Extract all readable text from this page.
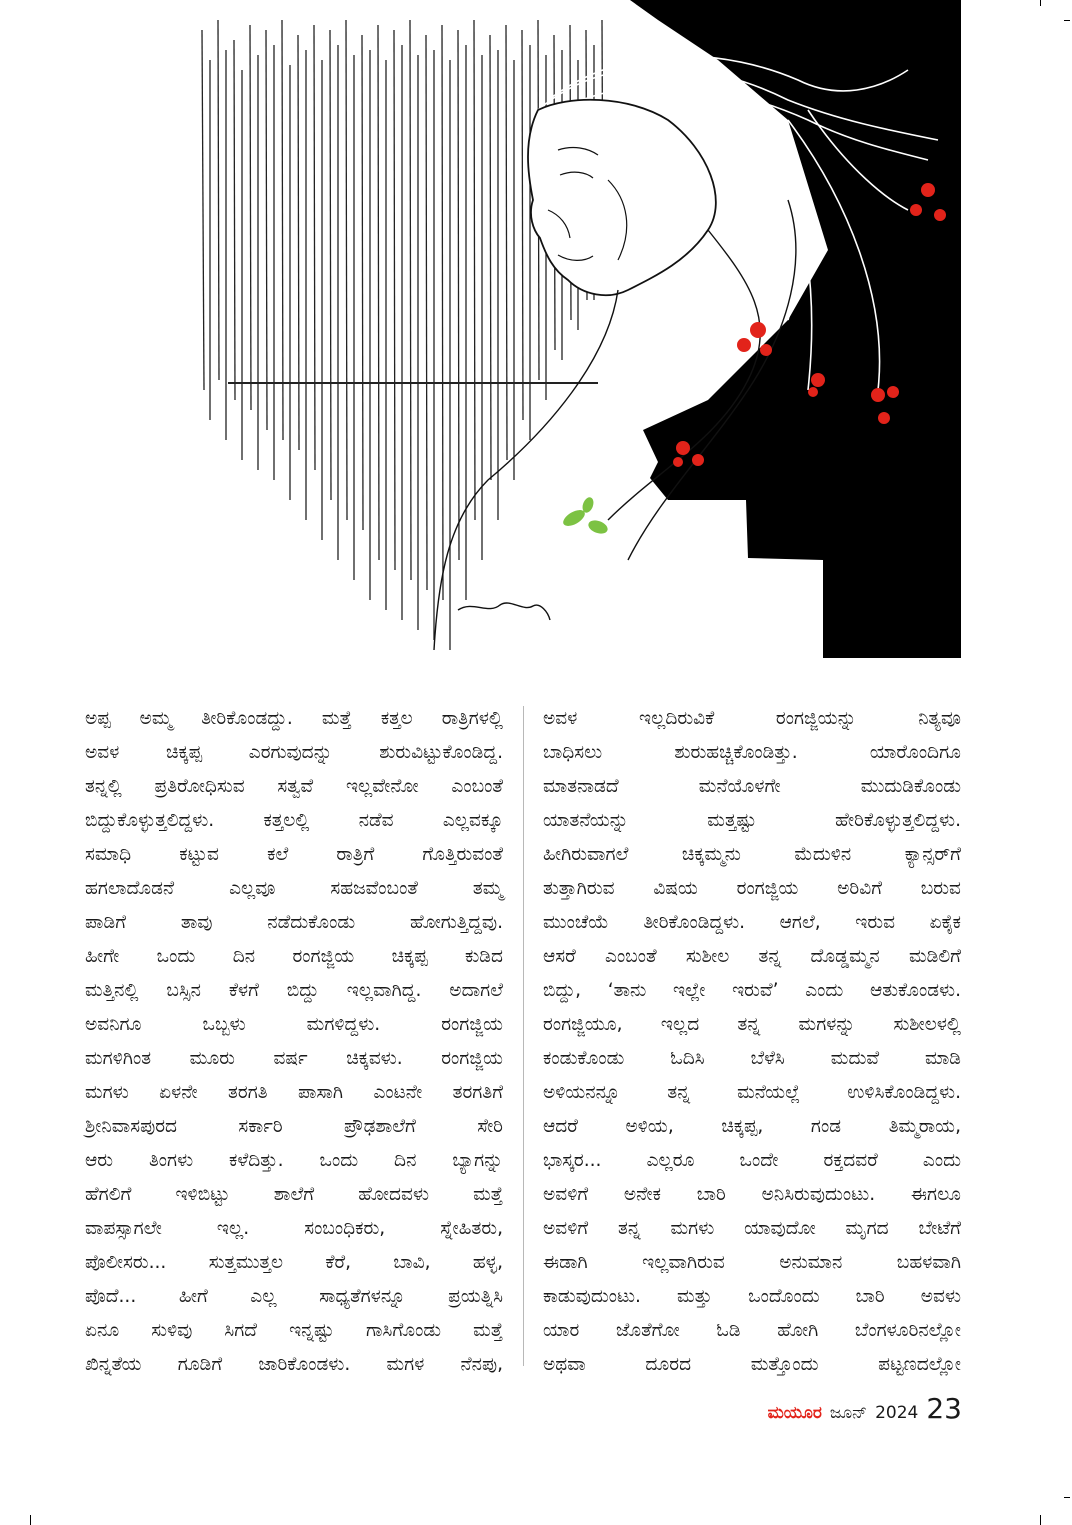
ಅಪ್ಪ ಅಮ್ಮ ತೀರಿಕೊಂಡದ್ದು. ಮತ್ತೆ ಕತ್ತಲ ರಾತ್ರಿಗಳಲ್ಲಿ
ಅವಳ ಚಿಕ್ಕಪ್ಪ ಎರಗುವುದನ್ನು ಶುರುವಿಟ್ಟುಕೊಂಡಿದ್ದ.
ತನ್ನಲ್ಲಿ ಪ್ರತಿರೋಧಿಸುವ ಸತ್ವವೆ ಇಲ್ಲವೇನೋ ಎಂಬಂತೆ
ಬಿದ್ದುಕೊಳ್ಳುತ್ತಲಿದ್ದಳು. ಕತ್ತಲಲ್ಲಿ ನಡೆವ ಎಲ್ಲವಕ್ಕೂ
ಸಮಾಧಿ ಕಟ್ಟುವ ಕಲೆ ರಾತ್ರಿಗೆ ಗೊತ್ತಿರುವಂತೆ
ಹಗಲಾದೊಡನೆ ಎಲ್ಲವೂ ಸಹಜವೆಂಬಂತೆ ತಮ್ಮ
ಪಾಡಿಗೆ ತಾವು ನಡೆದುಕೊಂಡು ಹೋಗುತ್ತಿದ್ದವು.
ಹೀಗೇ ಒಂದು ದಿನ ರಂಗಜ್ಜಿಯ ಚಿಕ್ಕಪ್ಪ ಕುಡಿದ
ಮತ್ತಿನಲ್ಲಿ ಬಸ್ಸಿನ ಕೆಳಗೆ ಬಿದ್ದು ಇಲ್ಲವಾಗಿದ್ದ. ಅದಾಗಲೆ
ಅವನಿಗೂ ಒಬ್ಬಳು ಮಗಳಿದ್ದಳು. ರಂಗಜ್ಜಿಯ
ಮಗಳಿಗಿಂತ ಮೂರು ವರ್ಷ ಚಿಕ್ಕವಳು. ರಂಗಜ್ಜಿಯ
ಮಗಳು ಏಳನೇ ತರಗತಿ ಪಾಸಾಗಿ ಎಂಟನೇ ತರಗತಿಗೆ
ಶ್ರೀನಿವಾಸಪುರದ ಸರ್ಕಾರಿ ಪ್ರೌಢಶಾಲೆಗೆ ಸೇರಿ
ಆರು ತಿಂಗಳು ಕಳೆದಿತ್ತು. ಒಂದು ದಿನ ಬ್ಯಾಗನ್ನು
ಹೆಗಲಿಗೆ ಇಳಿಬಿಟ್ಟು ಶಾಲೆಗೆ ಹೋದವಳು ಮತ್ತೆ
ವಾಪಸ್ಸಾಗಲೇ ಇಲ್ಲ. ಸಂಬಂಧಿಕರು, ಸ್ನೇಹಿತರು,
ಪೊಲೀಸರು... ಸುತ್ತಮುತ್ತಲ ಕೆರೆ, ಬಾವಿ, ಹಳ್ಳ,
ಪೊದೆ... ಹೀಗೆ ಎಲ್ಲ ಸಾಧ್ಯತೆಗಳನ್ನೂ ಪ್ರಯತ್ನಿಸಿ
ಏನೂ ಸುಳಿವು ಸಿಗದೆ ಇನ್ನಷ್ಟು ಗಾಸಿಗೊಂಡು ಮತ್ತೆ
ಖಿನ್ನತೆಯ ಗೂಡಿಗೆ ಜಾರಿಕೊಂಡಳು. ಮಗಳ ನೆನಪು,

ಅವಳ ಇಲ್ಲದಿರುವಿಕೆ ರಂಗಜ್ಜಿಯನ್ನು ನಿತ್ಯವೂ
ಬಾಧಿಸಲು ಶುರುಹಚ್ಚಿಕೊಂಡಿತ್ತು. ಯಾರೊಂದಿಗೂ
ಮಾತನಾಡದೆ ಮನೆಯೊಳಗೇ ಮುದುಡಿಕೊಂಡು
ಯಾತನೆಯನ್ನು ಮತ್ತಷ್ಟು ಹೇರಿಕೊಳ್ಳುತ್ತಲಿದ್ದಳು.
ಹೀಗಿರುವಾಗಲೆ ಚಿಕ್ಕಮ್ಮನು ಮೆದುಳಿನ ಕ್ಯಾನ್ಸರ್‌ಗೆ
ತುತ್ತಾಗಿರುವ ವಿಷಯ ರಂಗಜ್ಜಿಯ ಅರಿವಿಗೆ ಬರುವ
ಮುಂಚೆಯೆ ತೀರಿಕೊಂಡಿದ್ದಳು. ಆಗಲೆ, ಇರುವ ಏಕೈಕ
ಆಸರೆ ಎಂಬಂತೆ ಸುಶೀಲ ತನ್ನ ದೊಡ್ಡಮ್ಮನ ಮಡಿಲಿಗೆ
ಬಿದ್ದು, ‘ತಾನು ಇಲ್ಲೇ ಇರುವೆ’ ಎಂದು ಆತುಕೊಂಡಳು.
ರಂಗಜ್ಜಿಯೂ, ಇಲ್ಲದ ತನ್ನ ಮಗಳನ್ನು ಸುಶೀಲಳಲ್ಲಿ
ಕಂಡುಕೊಂಡು ಓದಿಸಿ ಬೆಳೆಸಿ ಮದುವೆ ಮಾಡಿ
ಅಳಿಯನನ್ನೂ ತನ್ನ ಮನೆಯಲ್ಲೆ ಉಳಿಸಿಕೊಂಡಿದ್ದಳು.
ಆದರೆ ಅಳಿಯ, ಚಿಕ್ಕಪ್ಪ, ಗಂಡ ತಿಮ್ಮರಾಯ,
ಭಾಸ್ಕರ... ಎಲ್ಲರೂ ಒಂದೇ ರಕ್ತದವರೆ ಎಂದು
ಅವಳಿಗೆ ಅನೇಕ ಬಾರಿ ಅನಿಸಿರುವುದುಂಟು. ಈಗಲೂ
ಅವಳಿಗೆ ತನ್ನ ಮಗಳು ಯಾವುದೋ ಮೃಗದ ಬೇಟೆಗೆ
ಈಡಾಗಿ ಇಲ್ಲವಾಗಿರುವ ಅನುಮಾನ ಬಹಳವಾಗಿ
ಕಾಡುವುದುಂಟು. ಮತ್ತು ಒಂದೊಂದು ಬಾರಿ ಅವಳು
ಯಾರ ಜೊತೆಗೋ ಓಡಿ ಹೋಗಿ ಬೆಂಗಳೂರಿನಲ್ಲೋ
ಅಥವಾ ದೂರದ ಮತ್ತೊಂದು ಪಟ್ಟಣದಲ್ಲೋ

ಮಯೂರ ಜೂನ್ 2024 23
